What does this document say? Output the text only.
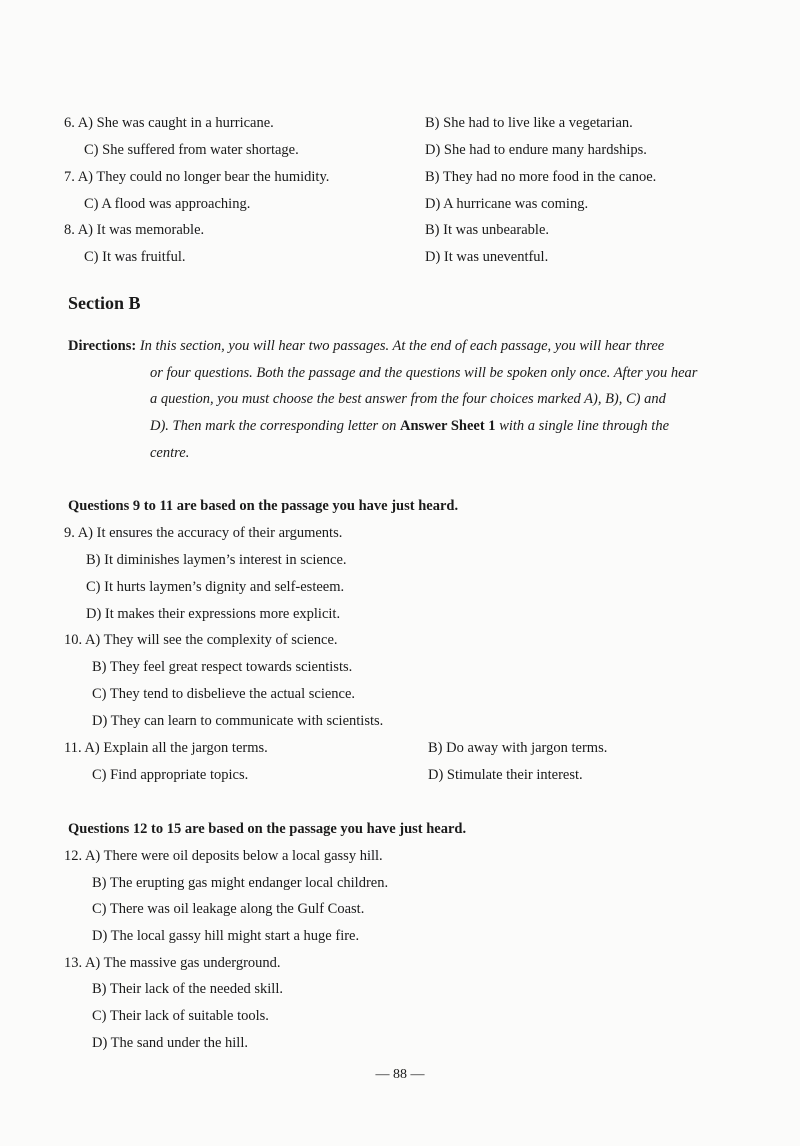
6. A) She was caught in a hurricane.	B) She had to live like a vegetarian.
C) She suffered from water shortage.	D) She had to endure many hardships.
7. A) They could no longer bear the humidity.	B) They had no more food in the canoe.
C) A flood was approaching.	D) A hurricane was coming.
8. A) It was memorable.	B) It was unbearable.
C) It was fruitful.	D) It was uneventful.
Section B
Directions: In this section, you will hear two passages. At the end of each passage, you will hear three
or four questions. Both the passage and the questions will be spoken only once. After you hear
a question, you must choose the best answer from the four choices marked A), B), C) and
D). Then mark the corresponding letter on Answer Sheet 1 with a single line through the
centre.
Questions 9 to 11 are based on the passage you have just heard.
9. A) It ensures the accuracy of their arguments.
B) It diminishes laymen’s interest in science.
C) It hurts laymen’s dignity and self-esteem.
D) It makes their expressions more explicit.
10. A) They will see the complexity of science.
B) They feel great respect towards scientists.
C) They tend to disbelieve the actual science.
D) They can learn to communicate with scientists.
11. A) Explain all the jargon terms.	B) Do away with jargon terms.
C) Find appropriate topics.	D) Stimulate their interest.
Questions 12 to 15 are based on the passage you have just heard.
12. A) There were oil deposits below a local gassy hill.
B) The erupting gas might endanger local children.
C) There was oil leakage along the Gulf Coast.
D) The local gassy hill might start a huge fire.
13. A) The massive gas underground.
B) Their lack of the needed skill.
C) Their lack of suitable tools.
D) The sand under the hill.
— 88 —
